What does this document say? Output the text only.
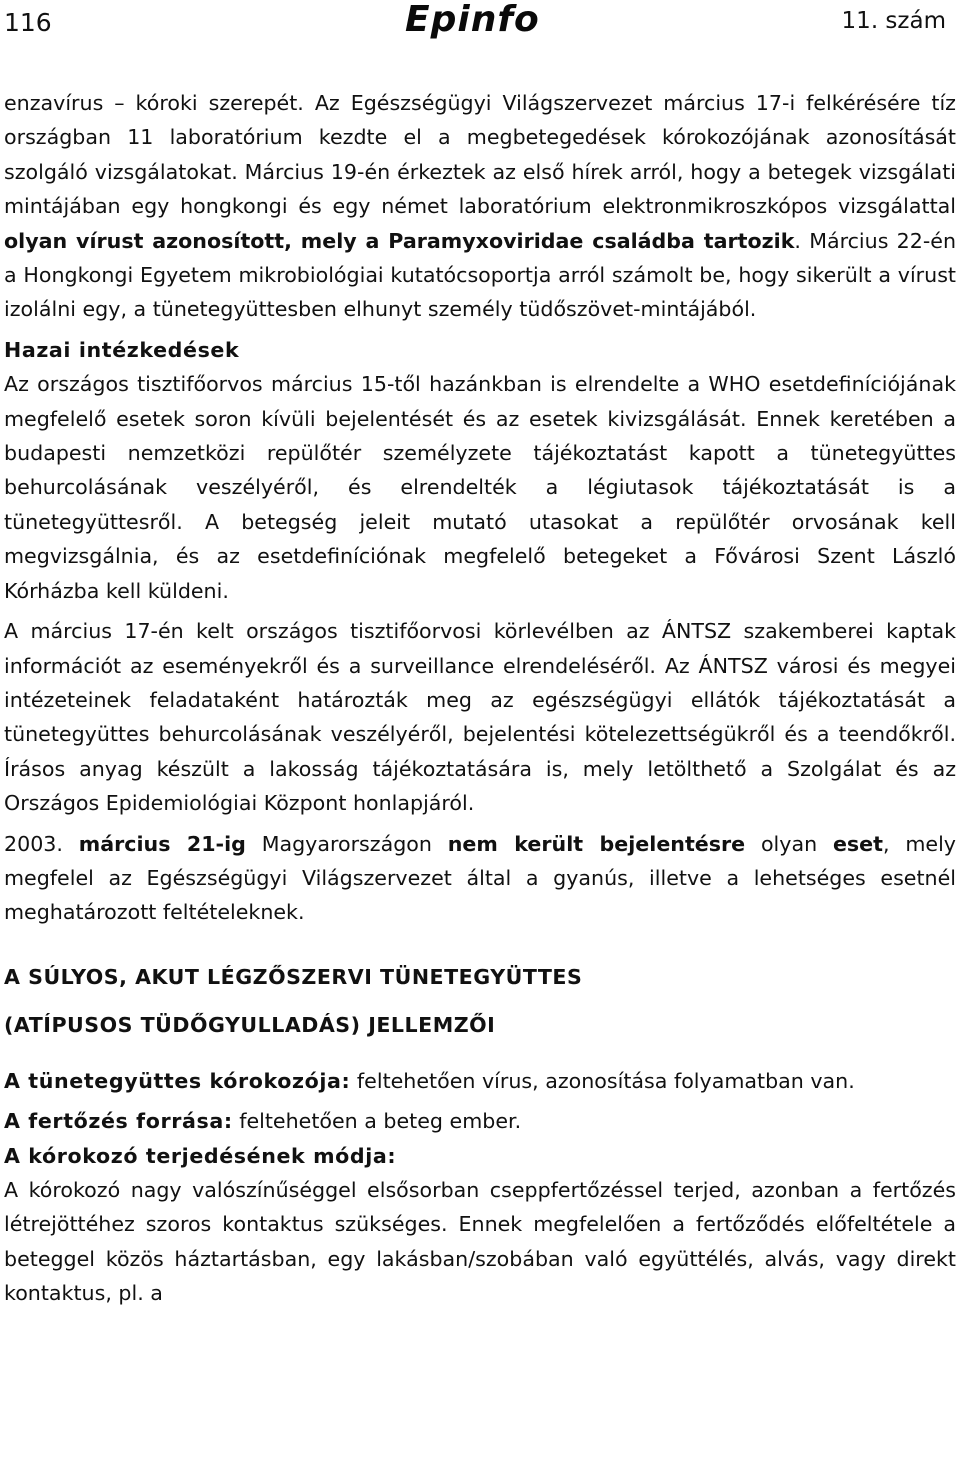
116	Epinfo	11. szám

enzavírus – kóroki szerepét. Az Egészségügyi Világszervezet március 17-i felkérésére tíz országban 11 laboratórium kezdte el a megbetegedések kórokozójának azonosítását szolgáló vizsgálatokat. Március 19-én érkeztek az első hírek arról, hogy a betegek vizsgálati mintájában egy hongkongi és egy német laboratórium elektronmikroszkópos vizsgálattal olyan vírust azonosított, mely a Paramyxoviridae családba tartozik. Március 22-én a Hongkongi Egyetem mikrobiológiai kutatócsoportja arról számolt be, hogy sikerült a vírust izolálni egy, a tünetegyüttesben elhunyt személy tüdőszövet-mintájából.

Hazai intézkedések

Az országos tisztifőorvos március 15-től hazánkban is elrendelte a WHO esetdefiníciójának megfelelő esetek soron kívüli bejelentését és az esetek kivizsgálását. Ennek keretében a budapesti nemzetközi repülőtér személyzete tájékoztatást kapott a tünetegyüttes behurcolásának veszélyéről, és elrendelték a légiutasok tájékoztatását is a tünetegyüttesről. A betegség jeleit mutató utasokat a repülőtér orvosának kell megvizsgálnia, és az esetdefiníciónak megfelelő betegeket a Fővárosi Szent László Kórházba kell küldeni.

A március 17-én kelt országos tisztifőorvosi körlevélben az ÁNTSZ szakemberei kaptak információt az eseményekről és a surveillance elrendeléséről. Az ÁNTSZ városi és megyei intézeteinek feladataként határozták meg az egészségügyi ellátók tájékoztatását a tünetegyüttes behurcolásának veszélyéről, bejelentési kötelezettségükről és a teendőkről. Írásos anyag készült a lakosság tájékoztatására is, mely letölthető a Szolgálat és az Országos Epidemiológiai Központ honlapjáról.

2003. március 21-ig Magyarországon nem került bejelentésre olyan eset, mely megfelel az Egészségügyi Világszervezet által a gyanús, illetve a lehetséges esetnél meghatározott feltételeknek.

A SÚLYOS, AKUT LÉGZŐSZERVI TÜNETEGYÜTTES
(ATÍPUSOS TÜDŐGYULLADÁS) JELLEMZŐI

A tünetegyüttes kórokozója: feltehetően vírus, azonosítása folyamatban van.

A fertőzés forrása: feltehetően a beteg ember.

A kórokozó terjedésének módja:

A kórokozó nagy valószínűséggel elsősorban cseppfertőzéssel terjed, azonban a fertőzés létrejöttéhez szoros kontaktus szükséges. Ennek megfelelően a fertőződés előfeltétele a beteggel közös háztartásban, egy lakásban/szobában való együttélés, alvás, vagy direkt kontaktus, pl. a
